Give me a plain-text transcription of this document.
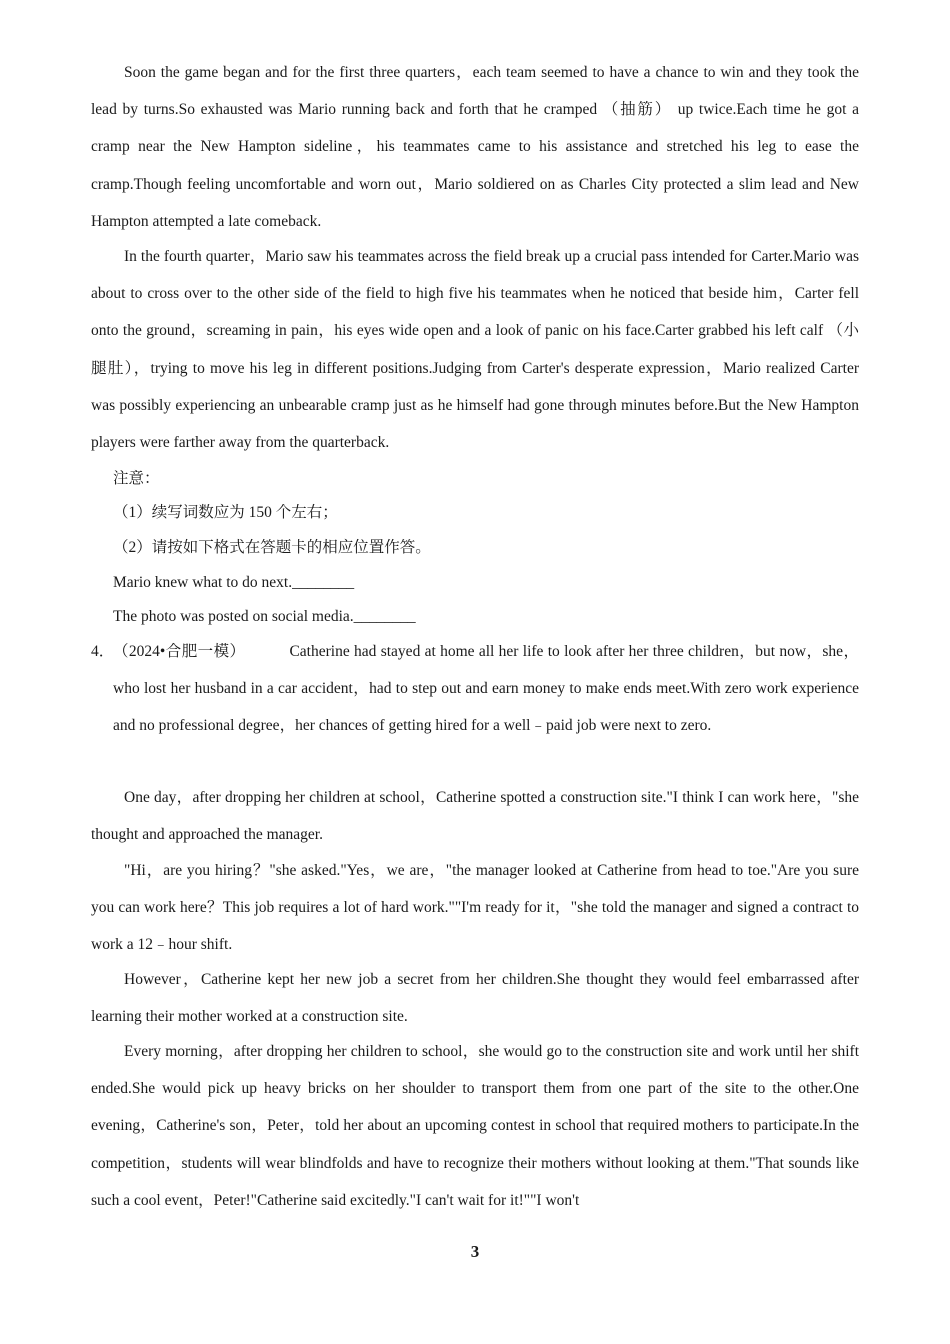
Soon the game began and for the first three quarters，each team seemed to have a chance to win and they took the lead by turns.So exhausted was Mario running back and forth that he cramped （抽筋） up twice.Each time he got a cramp near the New Hampton sideline，his teammates came to his assistance and stretched his leg to ease the cramp.Though feeling uncomfortable and worn out，Mario soldiered on as Charles City protected a slim lead and New Hampton attempted a late comeback.

In the fourth quarter，Mario saw his teammates across the field break up a crucial pass intended for Carter.Mario was about to cross over to the other side of the field to high five his teammates when he noticed that beside him，Carter fell onto the ground，screaming in pain，his eyes wide open and a look of panic on his face.Carter grabbed his left calf （小腿肚），trying to move his leg in different positions.Judging from Carter's desperate expression，Mario realized Carter was possibly experiencing an unbearable cramp just as he himself had gone through minutes before.But the New Hampton players were farther away from the quarterback.

注意：

（1）续写词数应为 150 个左右；

（2）请按如下格式在答题卡的相应位置作答。

Mario knew what to do next.________

The photo was posted on social media.________

4．

（2024•合肥一模）	Catherine had stayed at home all her life to look after her three children，but now，she，who lost her husband in a car accident，had to step out and earn money to make ends meet.With zero work experience and no professional degree，her chances of getting hired for a well﹣paid job were next to zero.

One day，after dropping her children at school，Catherine spotted a construction site."I think I can work here，"she thought and approached the manager.

"Hi，are you hiring？"she asked."Yes，we are，"the manager looked at Catherine from head to toe."Are you sure you can work here？This job requires a lot of hard work.""I'm ready for it，"she told the manager and signed a contract to work a 12﹣hour shift.

However，Catherine kept her new job a secret from her children.She thought they would feel embarrassed after learning their mother worked at a construction site.

Every morning，after dropping her children to school，she would go to the construction site and work until her shift ended.She would pick up heavy bricks on her shoulder to transport them from one part of the site to the other.One evening，Catherine's son，Peter，told her about an upcoming contest in school that required mothers to participate.In the competition，students will wear blindfolds and have to recognize their mothers without looking at them."That sounds like such a cool event，Peter!"Catherine said excitedly."I can't wait for it!""I won't

3
